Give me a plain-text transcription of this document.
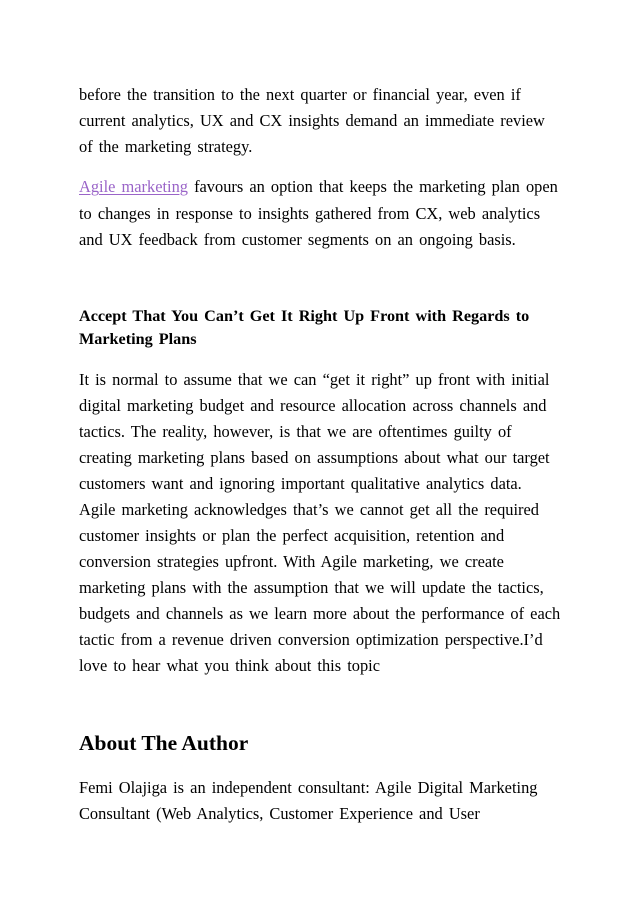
before the transition to the next quarter or financial year, even if
current analytics, UX and CX insights demand an immediate review
of the marketing strategy.
Agile marketing favours an option that keeps the marketing plan open
to changes in response to insights gathered from CX, web analytics
and UX feedback from customer segments on an ongoing basis.
Accept That You Can’t Get It Right Up Front with Regards to
Marketing Plans
It is normal to assume that we can “get it right” up front with initial
digital marketing budget and resource allocation across channels and
tactics. The reality, however, is that we are oftentimes guilty of
creating marketing plans based on assumptions about what our target
customers want and ignoring important qualitative analytics data.
Agile marketing acknowledges that’s we cannot get all the required
customer insights or plan the perfect acquisition, retention and
conversion strategies upfront. With Agile marketing, we create
marketing plans with the assumption that we will update the tactics,
budgets and channels as we learn more about the performance of each
tactic from a revenue driven conversion optimization perspective.I’d
love to hear what you think about this topic
About The Author
Femi Olajiga is an independent consultant: Agile Digital Marketing
Consultant (Web Analytics, Customer Experience and User
